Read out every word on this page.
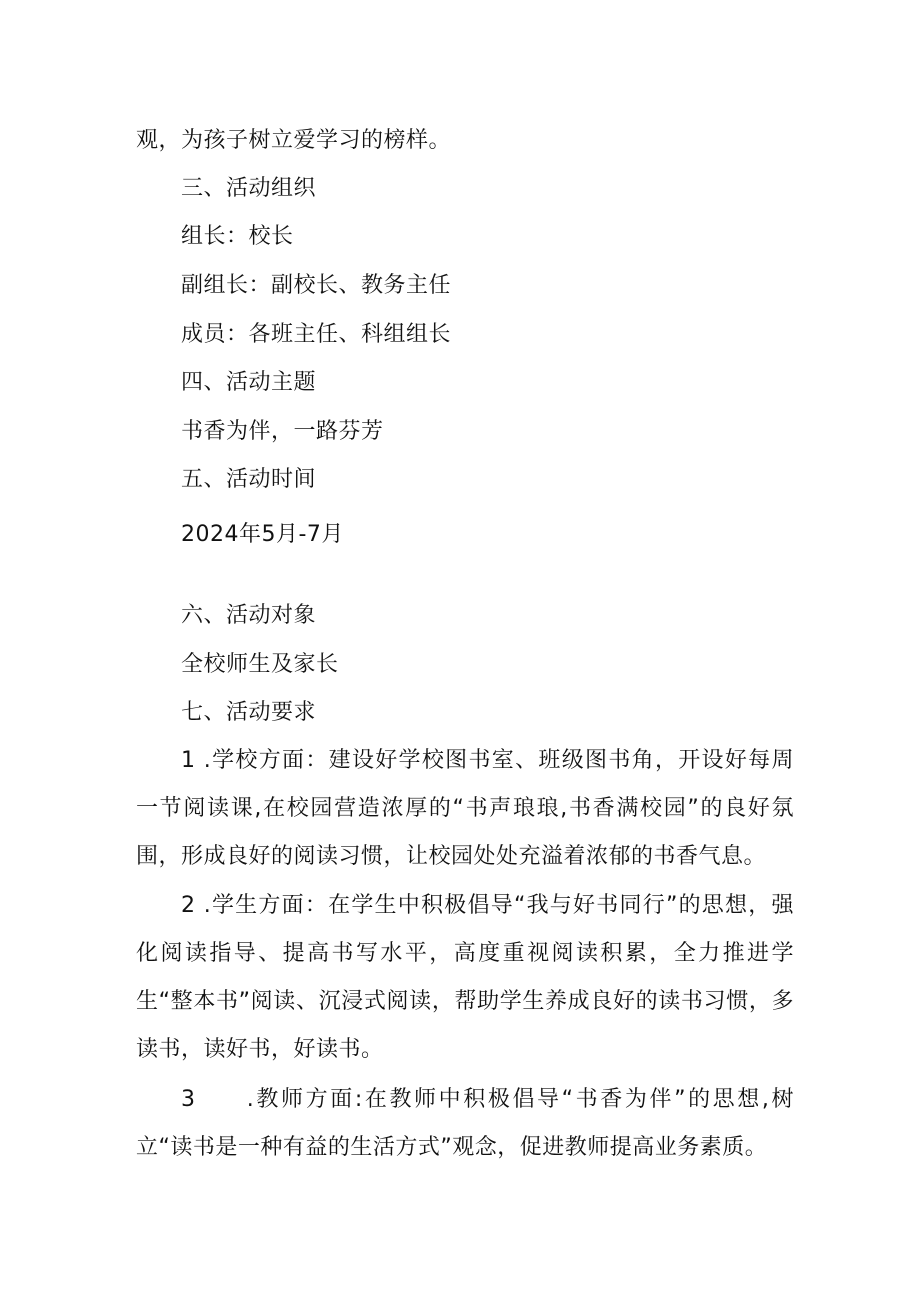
观，为孩子树立爱学习的榜样。
三、活动组织
组长：校长
副组长：副校长、教务主任
成员：各班主任、科组组长
四、活动主题
书香为伴，一路芬芳
五、活动时间
2024年5月-7月
六、活动对象
全校师生及家长
七、活动要求
1 .学校方面：建设好学校图书室、班级图书角，开设好每周一节阅读课,在校园营造浓厚的“书声琅琅,书香满校园”的良好氛围，形成良好的阅读习惯，让校园处处充溢着浓郁的书香气息。
2 .学生方面：在学生中积极倡导“我与好书同行”的思想，强化阅读指导、提高书写水平，高度重视阅读积累，全力推进学生“整本书”阅读、沉浸式阅读，帮助学生养成良好的读书习惯，多读书，读好书，好读书。
3　　.教师方面:在教师中积极倡导“书香为伴”的思想,树立“读书是一种有益的生活方式”观念，促进教师提高业务素质。
